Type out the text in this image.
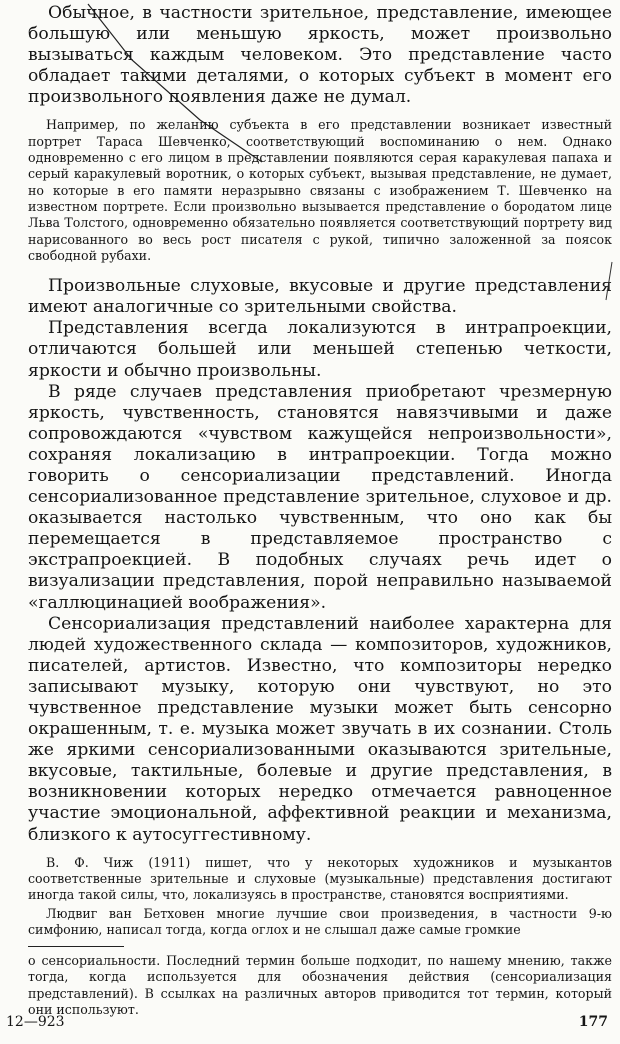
Обычное, в частности зрительное, представление, имеющее большую или меньшую яркость, может произвольно вызываться каждым человеком. Это представление часто обладает такими деталями, о которых субъект в момент его произвольного появления даже не думал.

Например, по желанию субъекта в его представлении возникает известный портрет Тараса Шевченко, соответствующий воспоминанию о нем. Однако одновременно с его лицом в представлении появляются серая каракулевая папаха и серый каракулевый воротник, о которых субъект, вызывая представление, не думает, но которые в его памяти неразрывно связаны с изображением Т. Шевченко на известном портрете. Если произвольно вызывается представление о бородатом лице Льва Толстого, одновременно обязательно появляется соответствующий портрету вид нарисованного во весь рост писателя с рукой, типично заложенной за поясок свободной рубахи.

Произвольные слуховые, вкусовые и другие представления имеют аналогичные со зрительными свойства.

Представления всегда локализуются в интрапроекции, отличаются большей или меньшей степенью четкости, яркости и обычно произвольны.

В ряде случаев представления приобретают чрезмерную яркость, чувственность, становятся навязчивыми и даже сопровождаются «чувством кажущейся непроизвольности», сохраняя локализацию в интрапроекции. Тогда можно говорить о сенсориализации представлений. Иногда сенсориализованное представление зрительное, слуховое и др. оказывается настолько чувственным, что оно как бы перемещается в представляемое пространство с экстрапроекцией. В подобных случаях речь идет о визуализации представления, порой неправильно называемой «галлюцинацией воображения».

Сенсориализация представлений наиболее характерна для людей художественного склада — композиторов, художников, писателей, артистов. Известно, что композиторы нередко записывают музыку, которую они чувствуют, но это чувственное представление музыки может быть сенсорно окрашенным, т. е. музыка может звучать в их сознании. Столь же яркими сенсориализованными оказываются зрительные, вкусовые, тактильные, болевые и другие представления, в возникновении которых нередко отмечается равноценное участие эмоциональной, аффективной реакции и механизма, близкого к аутосуггестивному.

В. Ф. Чиж (1911) пишет, что у некоторых художников и музыкантов соответственные зрительные и слуховые (музыкальные) представления достигают иногда такой силы, что, локализуясь в пространстве, становятся восприятиями.

Людвиг ван Бетховен многие лучшие свои произведения, в частности 9-ю симфонию, написал тогда, когда оглох и не слышал даже самые громкие

о сенсориальности. Последний термин больше подходит, по нашему мнению, также тогда, когда используется для обозначения действия (сенсориализация представлений). В ссылках на различных авторов приводится тот термин, который они используют.

12—923	177
